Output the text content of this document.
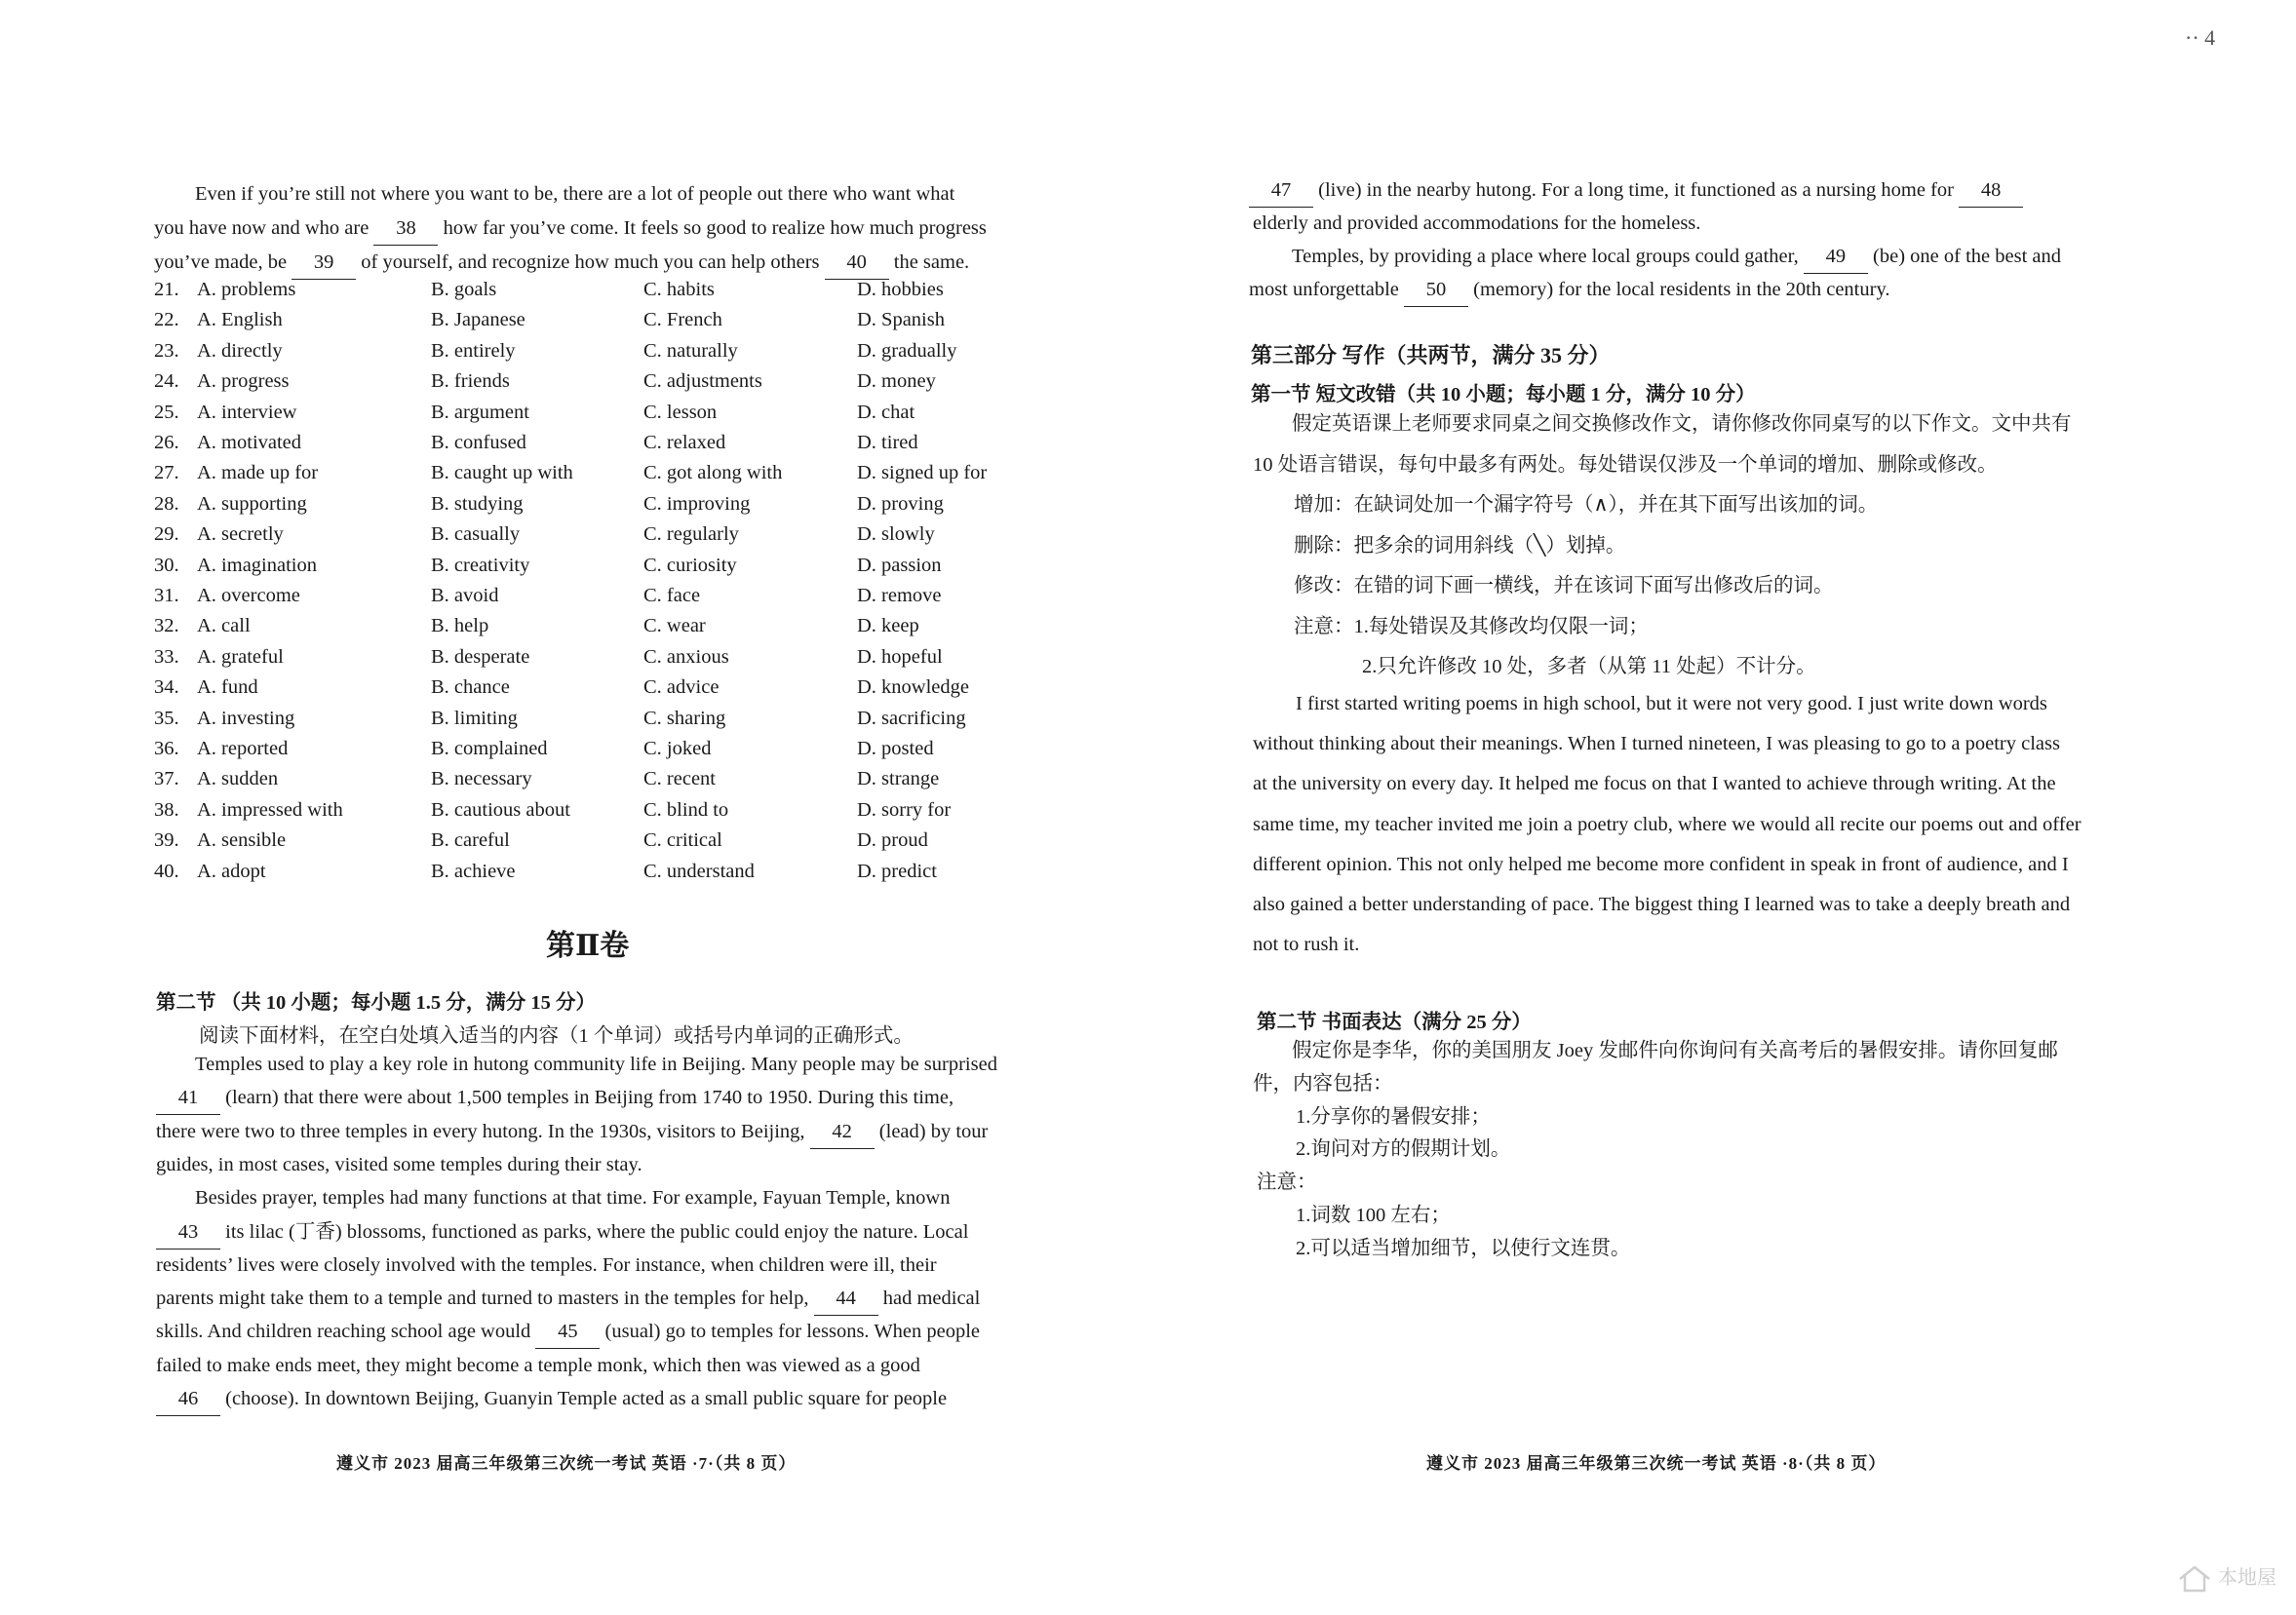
Even if you’re still not where you want to be, there are a lot of people out there who want what
you have now and who are 38 how far you’ve come. It feels so good to realize how much progress
you’ve made, be 39 of yourself, and recognize how much you can help others 40 the same.
21. A. problems	B. goals	C. habits	D. hobbies
22. A. English	B. Japanese	C. French	D. Spanish
23. A. directly	B. entirely	C. naturally	D. gradually
24. A. progress	B. friends	C. adjustments	D. money
25. A. interview	B. argument	C. lesson	D. chat
26. A. motivated	B. confused	C. relaxed	D. tired
27. A. made up for	B. caught up with	C. got along with	D. signed up for
28. A. supporting	B. studying	C. improving	D. proving
29. A. secretly	B. casually	C. regularly	D. slowly
30. A. imagination	B. creativity	C. curiosity	D. passion
31. A. overcome	B. avoid	C. face	D. remove
32. A. call	B. help	C. wear	D. keep
33. A. grateful	B. desperate	C. anxious	D. hopeful
34. A. fund	B. chance	C. advice	D. knowledge
35. A. investing	B. limiting	C. sharing	D. sacrificing
36. A. reported	B. complained	C. joked	D. posted
37. A. sudden	B. necessary	C. recent	D. strange
38. A. impressed with	B. cautious about	C. blind to	D. sorry for
39. A. sensible	B. careful	C. critical	D. proud
40. A. adopt	B. achieve	C. understand	D. predict
第Ⅱ卷
第二节 （共 10 小题；每小题 1.5 分，满分 15 分）
阅读下面材料，在空白处填入适当的内容（1 个单词）或括号内单词的正确形式。
Temples used to play a key role in hutong community life in Beijing. Many people may be surprised
41 (learn) that there were about 1,500 temples in Beijing from 1740 to 1950. During this time,
there were two to three temples in every hutong. In the 1930s, visitors to Beijing, 42 (lead) by tour
guides, in most cases, visited some temples during their stay.
Besides prayer, temples had many functions at that time. For example, Fayuan Temple, known
43 its lilac (丁香) blossoms, functioned as parks, where the public could enjoy the nature. Local
residents’ lives were closely involved with the temples. For instance, when children were ill, their
parents might take them to a temple and turned to masters in the temples for help, 44 had medical
skills. And children reaching school age would 45 (usual) go to temples for lessons. When people
failed to make ends meet, they might become a temple monk, which then was viewed as a good
46 (choose). In downtown Beijing, Guanyin Temple acted as a small public square for people
遵义市 2023 届高三年级第三次统一考试 英语 ·7·（共 8 页）
·· 4
47 (live) in the nearby hutong. For a long time, it functioned as a nursing home for 48
elderly and provided accommodations for the homeless.
Temples, by providing a place where local groups could gather, 49 (be) one of the best and
most unforgettable 50 (memory) for the local residents in the 20th century.
第三部分 写作（共两节，满分 35 分）
第一节 短文改错（共 10 小题；每小题 1 分，满分 10 分）
假定英语课上老师要求同桌之间交换修改作文，请你修改你同桌写的以下作文。文中共有
10 处语言错误，每句中最多有两处。每处错误仅涉及一个单词的增加、删除或修改。
增加：在缺词处加一个漏字符号（∧），并在其下面写出该加的词。
删除：把多余的词用斜线（╲）划掉。
修改：在错的词下画一横线，并在该词下面写出修改后的词。
注意：1.每处错误及其修改均仅限一词；
2.只允许修改 10 处，多者（从第 11 处起）不计分。
I first started writing poems in high school, but it were not very good. I just write down words
without thinking about their meanings. When I turned nineteen, I was pleasing to go to a poetry class
at the university on every day. It helped me focus on that I wanted to achieve through writing. At the
same time, my teacher invited me join a poetry club, where we would all recite our poems out and offer
different opinion. This not only helped me become more confident in speak in front of audience, and I
also gained a better understanding of pace. The biggest thing I learned was to take a deeply breath and
not to rush it.
第二节 书面表达（满分 25 分）
假定你是李华，你的美国朋友 Joey 发邮件向你询问有关高考后的暑假安排。请你回复邮
件，内容包括：
1.分享你的暑假安排；
2.询问对方的假期计划。
注意：
1.词数 100 左右；
2.可以适当增加细节，以使行文连贯。
遵义市 2023 届高三年级第三次统一考试 英语 ·8·（共 8 页）
本地屋
